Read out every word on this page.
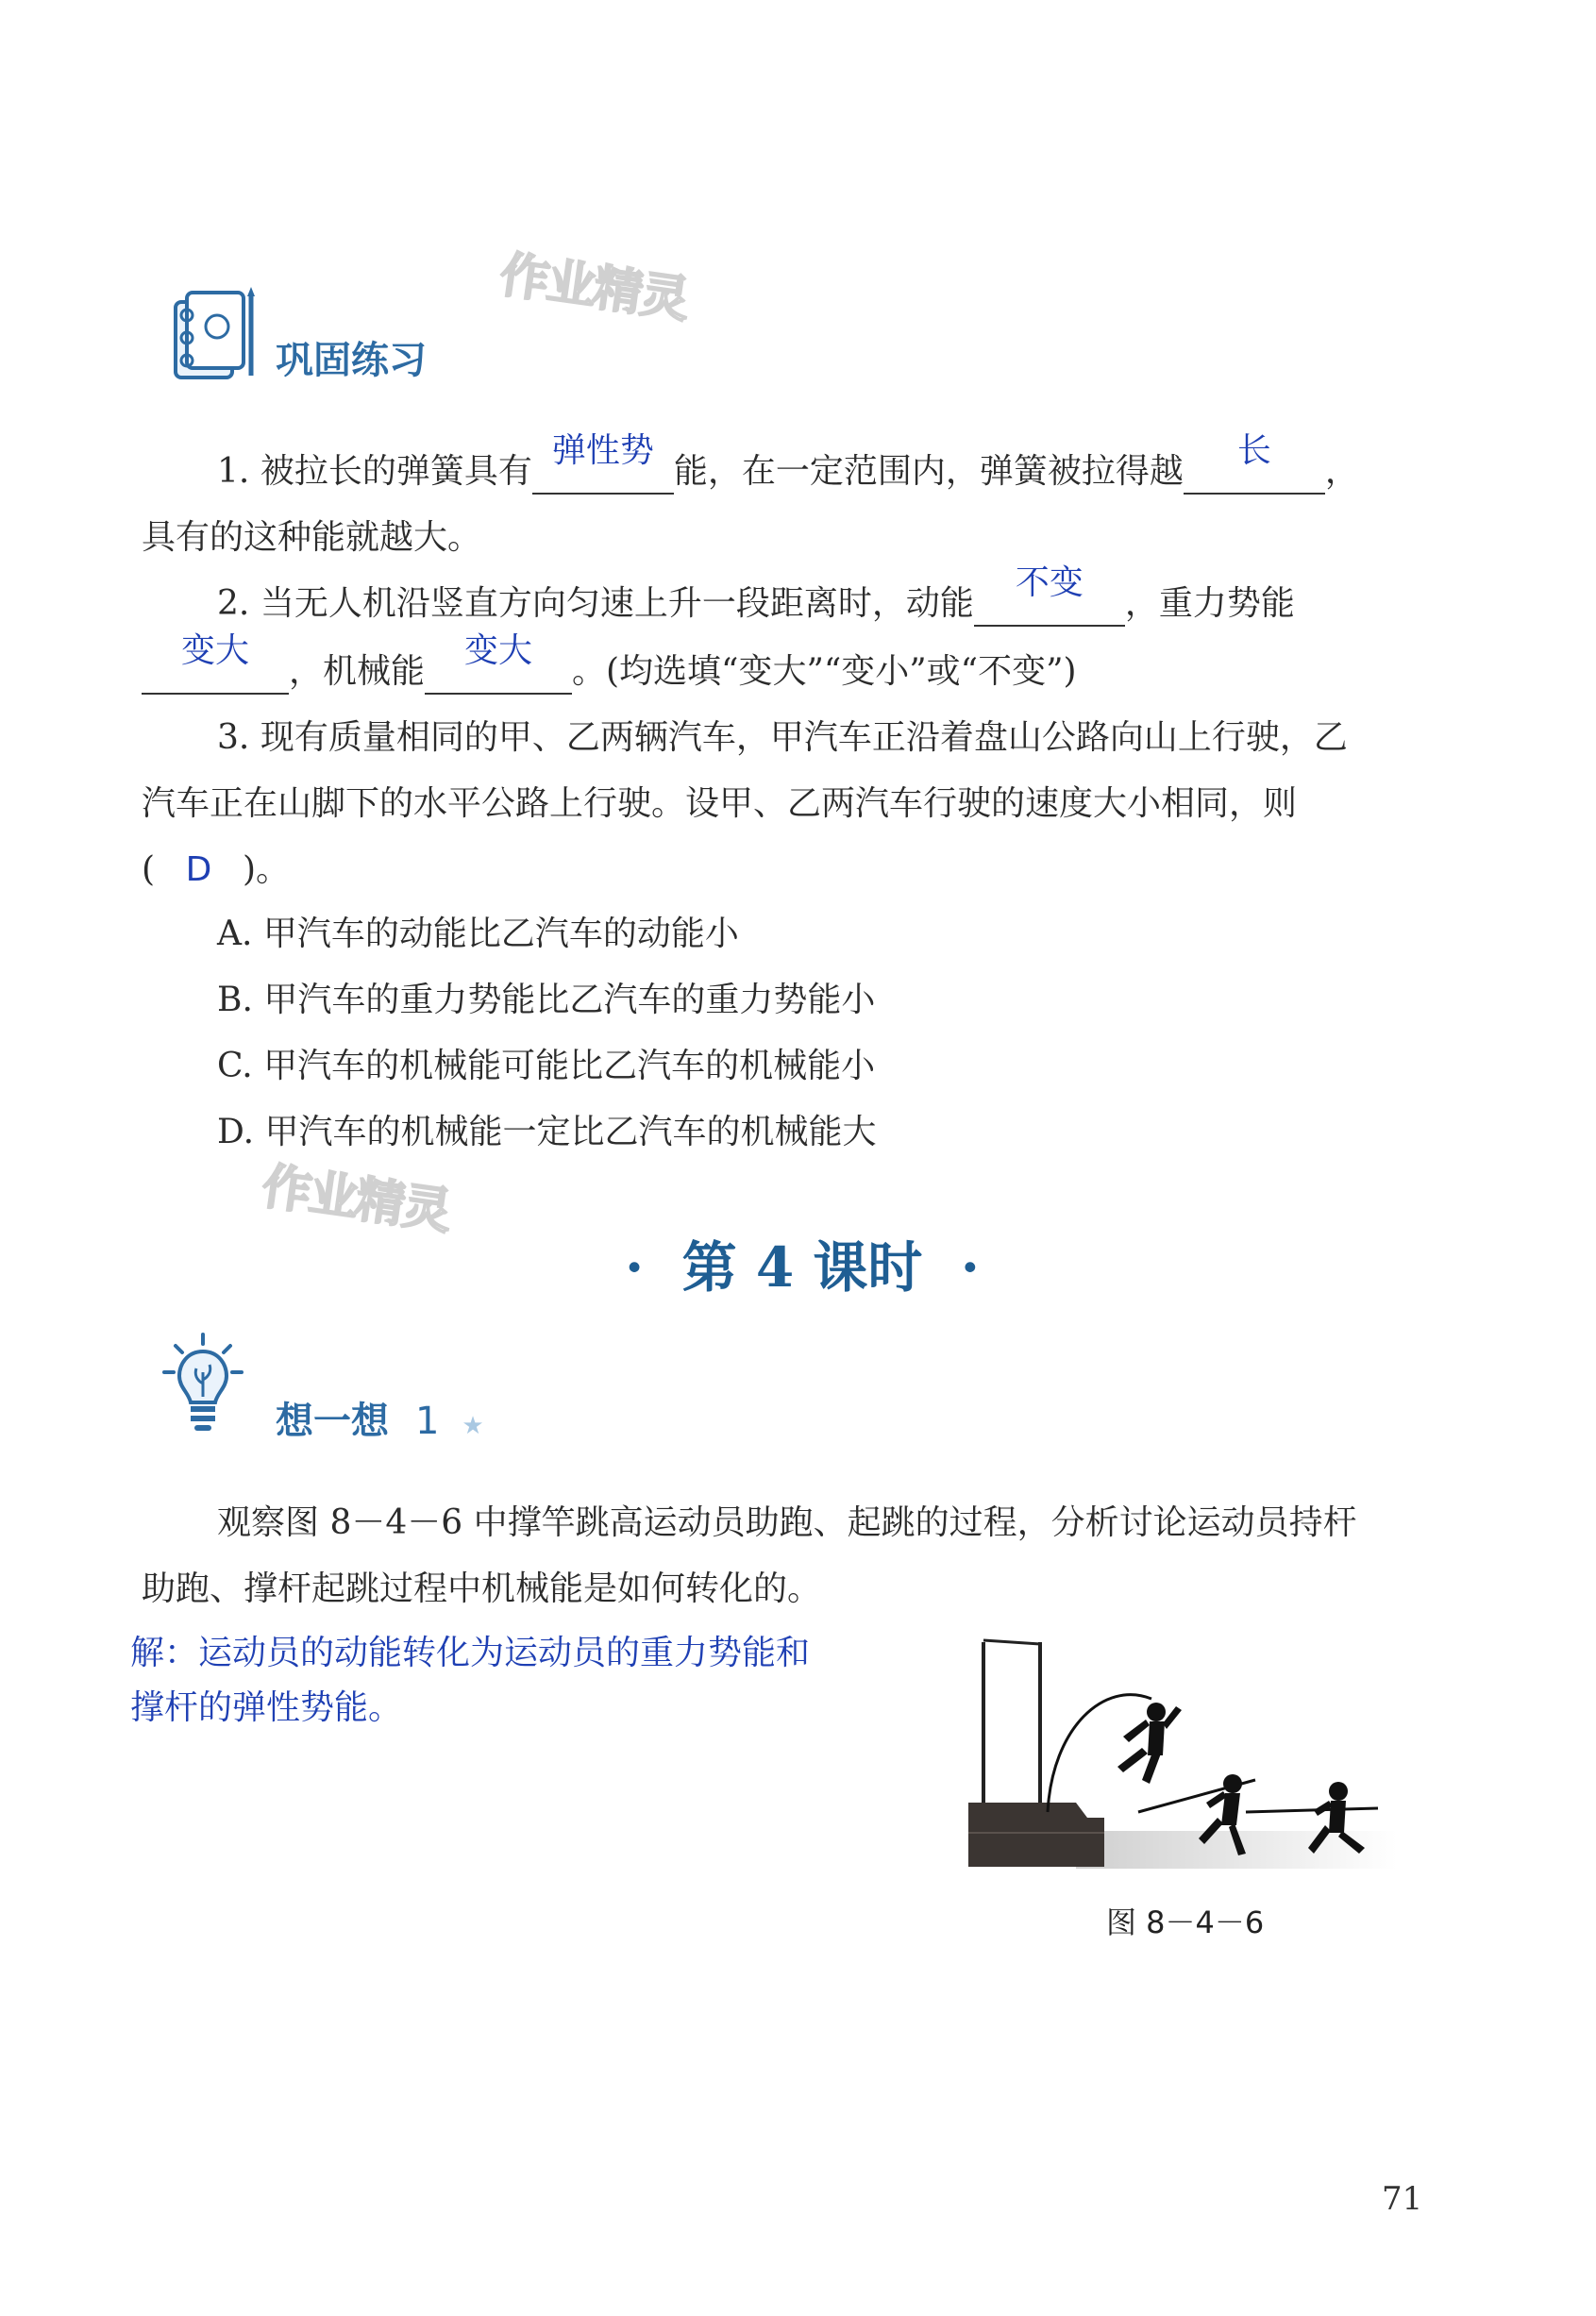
作业精灵
作业精灵
巩固练习
1. 被拉长的弹簧具有
弹性势
能，在一定范围内，弹簧被拉得越
长
，
具有的这种能就越大。
2. 当无人机沿竖直方向匀速上升一段距离时，动能
不变
，重力势能
变大
，机械能
变大
。(均选填“变大”“变小”或“不变”)
3. 现有质量相同的甲、乙两辆汽车，甲汽车正沿着盘山公路向山上行驶，乙
汽车正在山脚下的水平公路上行驶。设甲、乙两汽车行驶的速度大小相同，则
( D )。
A. 甲汽车的动能比乙汽车的动能小
B. 甲汽车的重力势能比乙汽车的重力势能小
C. 甲汽车的机械能可能比乙汽车的机械能小
D. 甲汽车的机械能一定比乙汽车的机械能大
· 第 4 课时 ·
想一想 1 ★
观察图 8－4－6 中撑竿跳高运动员助跑、起跳的过程，分析讨论运动员持杆
助跑、撑杆起跳过程中机械能是如何转化的。
解：运动员的动能转化为运动员的重力势能和
撑杆的弹性势能。
图 8－4－6
71
